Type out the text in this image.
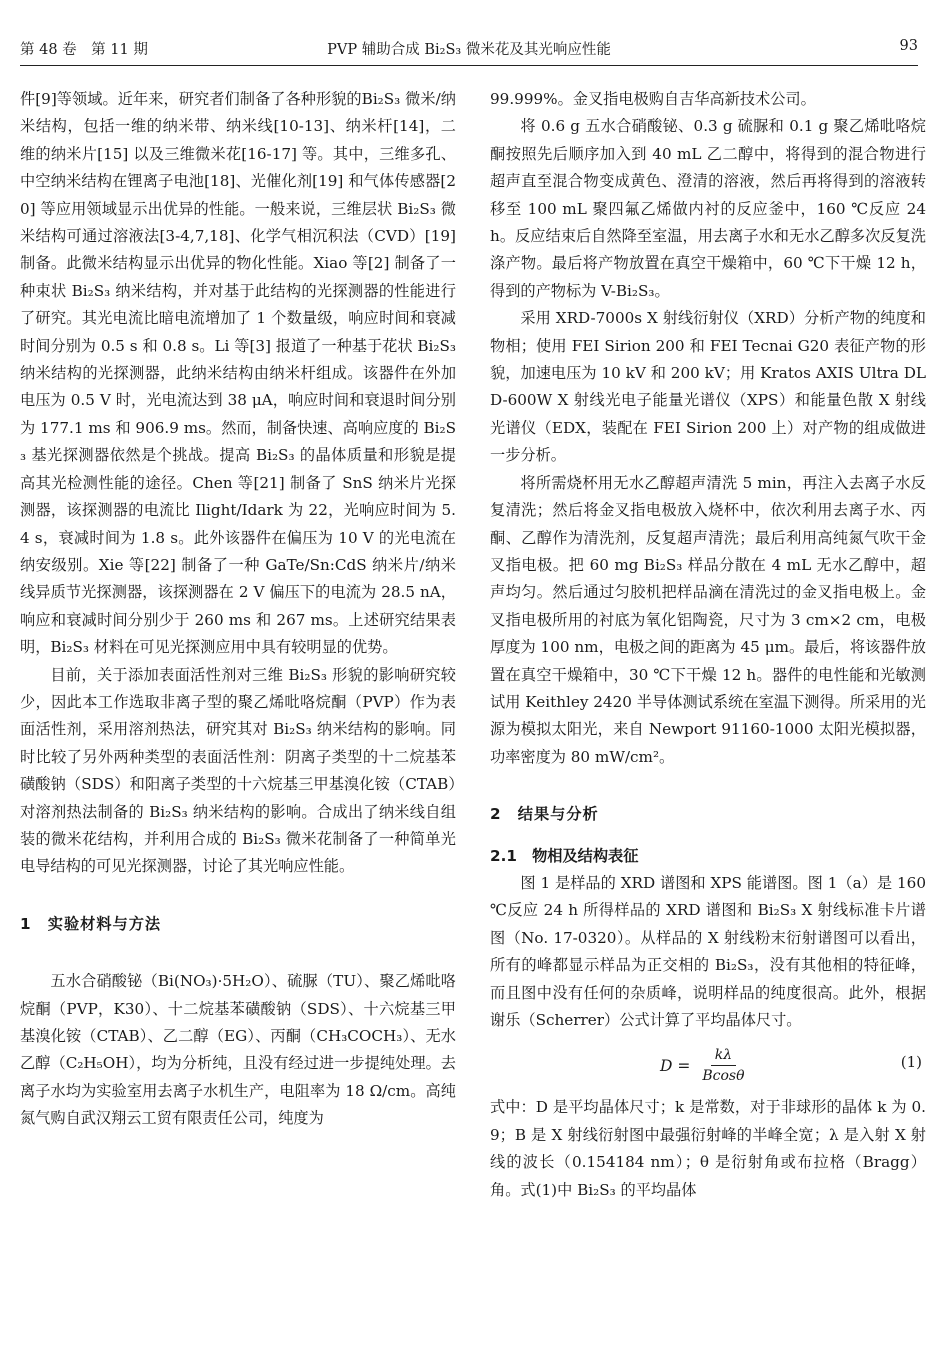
第 48 卷　第 11 期	PVP 辅助合成 Bi₂S₃ 微米花及其光响应性能	93

件[9]等领域。近年来，研究者们制备了各种形貌的Bi₂S₃ 微米/纳米结构，包括一维的纳米带、纳米线[10-13]、纳米杆[14]，二维的纳米片[15] 以及三维微米花[16-17] 等。其中，三维多孔、中空纳米结构在锂离子电池[18]、光催化剂[19] 和气体传感器[20] 等应用领域显示出优异的性能。一般来说，三维层状 Bi₂S₃ 微米结构可通过溶液法[3-4,7,18]、化学气相沉积法（CVD）[19] 制备。此微米结构显示出优异的物化性能。Xiao 等[2] 制备了一种束状 Bi₂S₃ 纳米结构，并对基于此结构的光探测器的性能进行了研究。其光电流比暗电流增加了 1 个数量级，响应时间和衰减时间分别为 0.5 s 和 0.8 s。Li 等[3] 报道了一种基于花状 Bi₂S₃ 纳米结构的光探测器，此纳米结构由纳米杆组成。该器件在外加电压为 0.5 V 时，光电流达到 38 μA，响应时间和衰退时间分别为 177.1 ms 和 906.9 ms。然而，制备快速、高响应度的 Bi₂S₃ 基光探测器依然是个挑战。提高 Bi₂S₃ 的晶体质量和形貌是提高其光检测性能的途径。Chen 等[21] 制备了 SnS 纳米片光探测器，该探测器的电流比 Ilight/Idark 为 22，光响应时间为 5.4 s，衰减时间为 1.8 s。此外该器件在偏压为 10 V 的光电流在纳安级别。Xie 等[22] 制备了一种 GaTe/Sn:CdS 纳米片/纳米线异质节光探测器，该探测器在 2 V 偏压下的电流为 28.5 nA，响应和衰减时间分别少于 260 ms 和 267 ms。上述研究结果表明，Bi₂S₃ 材料在可见光探测应用中具有较明显的优势。

目前，关于添加表面活性剂对三维 Bi₂S₃ 形貌的影响研究较少，因此本工作选取非离子型的聚乙烯吡咯烷酮（PVP）作为表面活性剂，采用溶剂热法，研究其对 Bi₂S₃ 纳米结构的影响。同时比较了另外两种类型的表面活性剂：阴离子类型的十二烷基苯磺酸钠（SDS）和阳离子类型的十六烷基三甲基溴化铵（CTAB）对溶剂热法制备的 Bi₂S₃ 纳米结构的影响。合成出了纳米线自组装的微米花结构，并利用合成的 Bi₂S₃ 微米花制备了一种简单光电导结构的可见光探测器，讨论了其光响应性能。

1　实验材料与方法

五水合硝酸铋（Bi(NO₃)·5H₂O）、硫脲（TU）、聚乙烯吡咯烷酮（PVP，K30）、十二烷基苯磺酸钠（SDS）、十六烷基三甲基溴化铵（CTAB）、乙二醇（EG）、丙酮（CH₃COCH₃）、无水乙醇（C₂H₅OH），均为分析纯，且没有经过进一步提纯处理。去离子水均为实验室用去离子水机生产，电阻率为 18 Ω/cm。高纯氮气购自武汉翔云工贸有限责任公司，纯度为

99.999%。金叉指电极购自吉华高新技术公司。

将 0.6 g 五水合硝酸铋、0.3 g 硫脲和 0.1 g 聚乙烯吡咯烷酮按照先后顺序加入到 40 mL 乙二醇中，将得到的混合物进行超声直至混合物变成黄色、澄清的溶液，然后再将得到的溶液转移至 100 mL 聚四氟乙烯做内衬的反应釜中，160 ℃反应 24 h。反应结束后自然降至室温，用去离子水和无水乙醇多次反复洗涤产物。最后将产物放置在真空干燥箱中，60 ℃下干燥 12 h，得到的产物标为 V-Bi₂S₃。

采用 XRD-7000s X 射线衍射仪（XRD）分析产物的纯度和物相；使用 FEI Sirion 200 和 FEI Tecnai G20 表征产物的形貌，加速电压为 10 kV 和 200 kV；用 Kratos AXIS Ultra DLD-600W X 射线光电子能量光谱仪（XPS）和能量色散 X 射线光谱仪（EDX，装配在 FEI Sirion 200 上）对产物的组成做进一步分析。

将所需烧杯用无水乙醇超声清洗 5 min，再注入去离子水反复清洗；然后将金叉指电极放入烧杯中，依次利用去离子水、丙酮、乙醇作为清洗剂，反复超声清洗；最后利用高纯氮气吹干金叉指电极。把 60 mg Bi₂S₃ 样品分散在 4 mL 无水乙醇中，超声均匀。然后通过匀胶机把样品滴在清洗过的金叉指电极上。金叉指电极所用的衬底为氧化铝陶瓷，尺寸为 3 cm×2 cm，电极厚度为 100 nm，电极之间的距离为 45 μm。最后，将该器件放置在真空干燥箱中，30 ℃下干燥 12 h。器件的电性能和光敏测试用 Keithley 2420 半导体测试系统在室温下测得。所采用的光源为模拟太阳光，来自 Newport 91160-1000 太阳光模拟器，功率密度为 80 mW/cm²。

2　结果与分析

2.1　物相及结构表征

图 1 是样品的 XRD 谱图和 XPS 能谱图。图 1（a）是 160 ℃反应 24 h 所得样品的 XRD 谱图和 Bi₂S₃ X 射线标准卡片谱图（No. 17-0320）。从样品的 X 射线粉末衍射谱图可以看出，所有的峰都显示样品为正交相的 Bi₂S₃，没有其他相的特征峰，而且图中没有任何的杂质峰，说明样品的纯度很高。此外，根据谢乐（Scherrer）公式计算了平均晶体尺寸。

$D = \frac{k\lambda}{Bcos\theta}$	(1)

式中：D 是平均晶体尺寸；k 是常数，对于非球形的晶体 k 为 0.9；B 是 X 射线衍射图中最强衍射峰的半峰全宽；λ 是入射 X 射线的波长（0.154184 nm）；θ 是衍射角或布拉格（Bragg）角。式(1)中 Bi₂S₃ 的平均晶体
